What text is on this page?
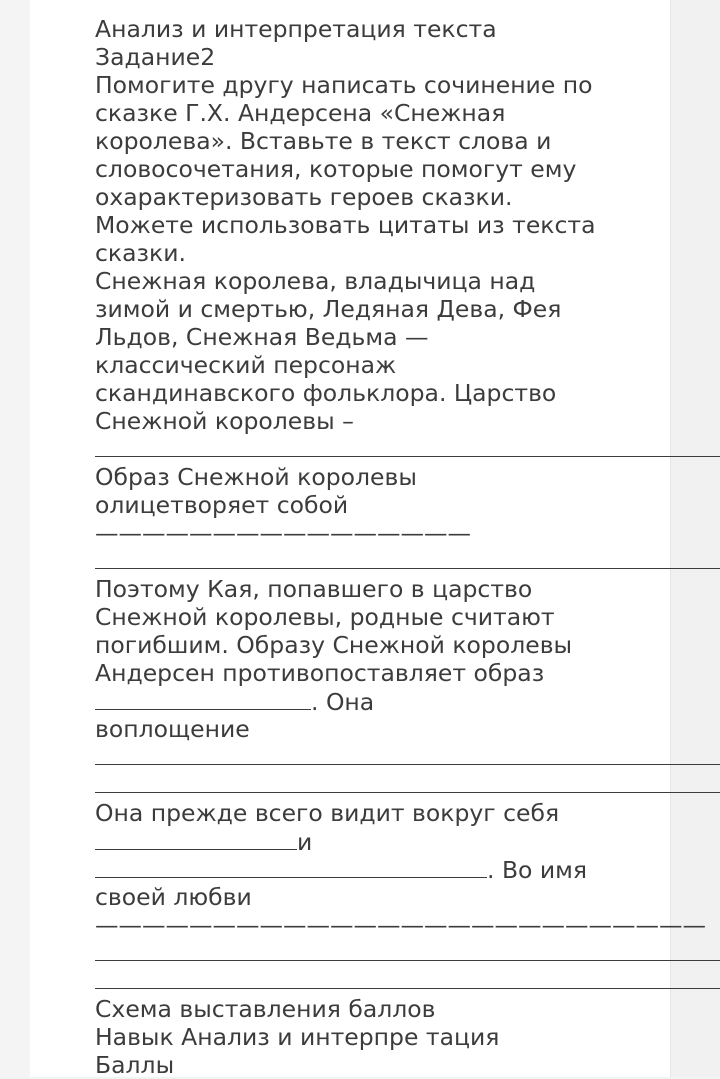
Анализ и интерпретация текста
Задание2
Помогите другу написать сочинение по
сказке Г.Х. Андерсена «Снежная
королева». Вставьте в текст слова и
словосочетания, которые помогут ему
охарактеризовать героев сказки.
Можете использовать цитаты из текста
сказки.
Снежная королева, владычица над
зимой и смертью, Ледяная Дева, Фея
Льдов, Снежная Ведьма —
классический персонаж
скандинавского фольклора. Царство
Снежной королевы –
Образ Снежной королевы
олицетворяет собой
————————————————
Поэтому Кая, попавшего в царство
Снежной королевы, родные считают
погибшим. Образу Снежной королевы
Андерсен противопоставляет образ
. Она
воплощение
Она прежде всего видит вокруг себя
и
. Во имя
своей любви
——————————————————————————
Схема выставления баллов
Навык Анализ и интерпре тация
Баллы
